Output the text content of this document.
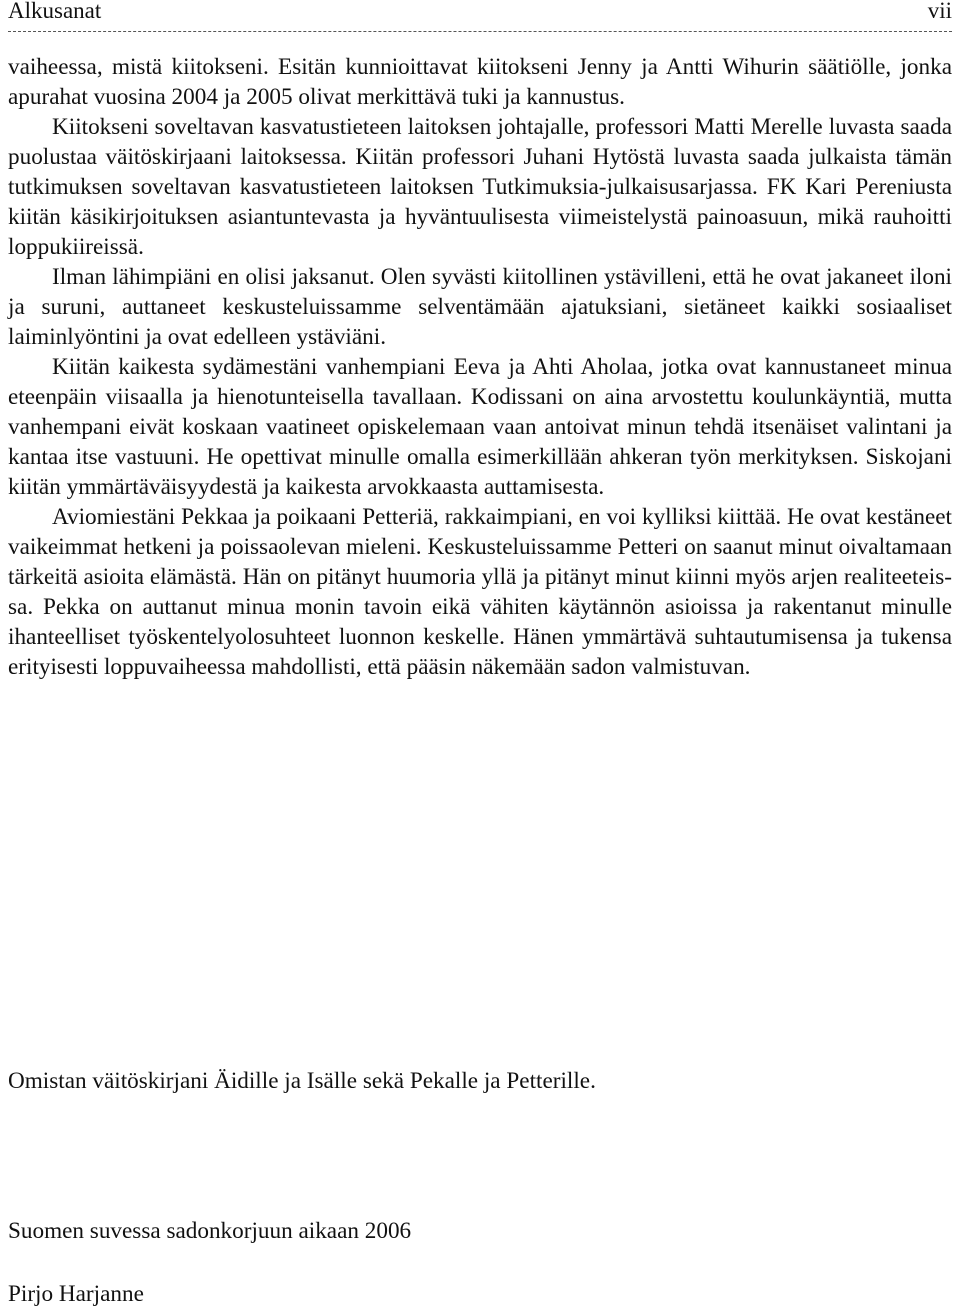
Alkusanat	vii

vaiheessa, mistä kiitokseni. Esitän kunnioittavat kiitokseni Jenny ja Antti Wihurin säätiölle, jonka apurahat vuosina 2004 ja 2005 olivat merkittävä tuki ja kannustus.

Kiitokseni soveltavan kasvatustieteen laitoksen johtajalle, professori Matti Merelle luvasta saada puolustaa väitöskirjaani laitoksessa. Kiitän professori Juhani Hytöstä luvasta saada julkaista tämän tutkimuksen soveltavan kasvatustieteen laitoksen Tutkimuksia-julkaisusarjassa. FK Kari Pereniusta kiitän käsikirjoituksen asiantuntevasta ja hyväntuulisesta viimeistelystä painoasuun, mikä rauhoitti loppukiireissä.

Ilman lähimpiäni en olisi jaksanut. Olen syvästi kiitollinen ystävilleni, että he ovat jakaneet iloni ja suruni, auttaneet keskusteluissamme selventämään ajatuksiani, sietäneet kaikki sosiaaliset laiminlyöntini ja ovat edelleen ystäviäni.

Kiitän kaikesta sydämestäni vanhempiani Eeva ja Ahti Aholaa, jotka ovat kannustaneet minua eteenpäin viisaalla ja hienotunteisella tavallaan. Kodissani on aina arvostettu koulunkäyntiä, mutta vanhempani eivät koskaan vaatineet opiskelemaan vaan antoivat minun tehdä itsenäiset valintani ja kantaa itse vastuuni. He opettivat minulle omalla esimerkillään ahkeran työn merkityksen. Siskojani kiitän ymmärtäväisyydestä ja kaikesta arvokkaasta auttamisesta.

Aviomiestäni Pekkaa ja poikaani Petteriä, rakkaimpiani, en voi kylliksi kiittää. He ovat kestäneet vaikeimmat hetkeni ja poissaolevan mieleni. Keskusteluissamme Petteri on saanut minut oivaltamaan tärkeitä asioita elämästä. Hän on pitänyt huumoria yllä ja pitänyt minut kiinni myös arjen realiteeteissa. Pekka on auttanut minua monin tavoin eikä vähiten käytännön asioissa ja rakentanut minulle ihanteelliset työskentelyolosuhteet luonnon keskelle. Hänen ymmärtävä suhtautumisensa ja tukensa erityisesti loppuvaiheessa mahdollisti, että pääsin näkemään sadon valmistuvan.

Omistan väitöskirjani Äidille ja Isälle sekä Pekalle ja Petterille.
Suomen suvessa sadonkorjuun aikaan 2006
Pirjo Harjanne
